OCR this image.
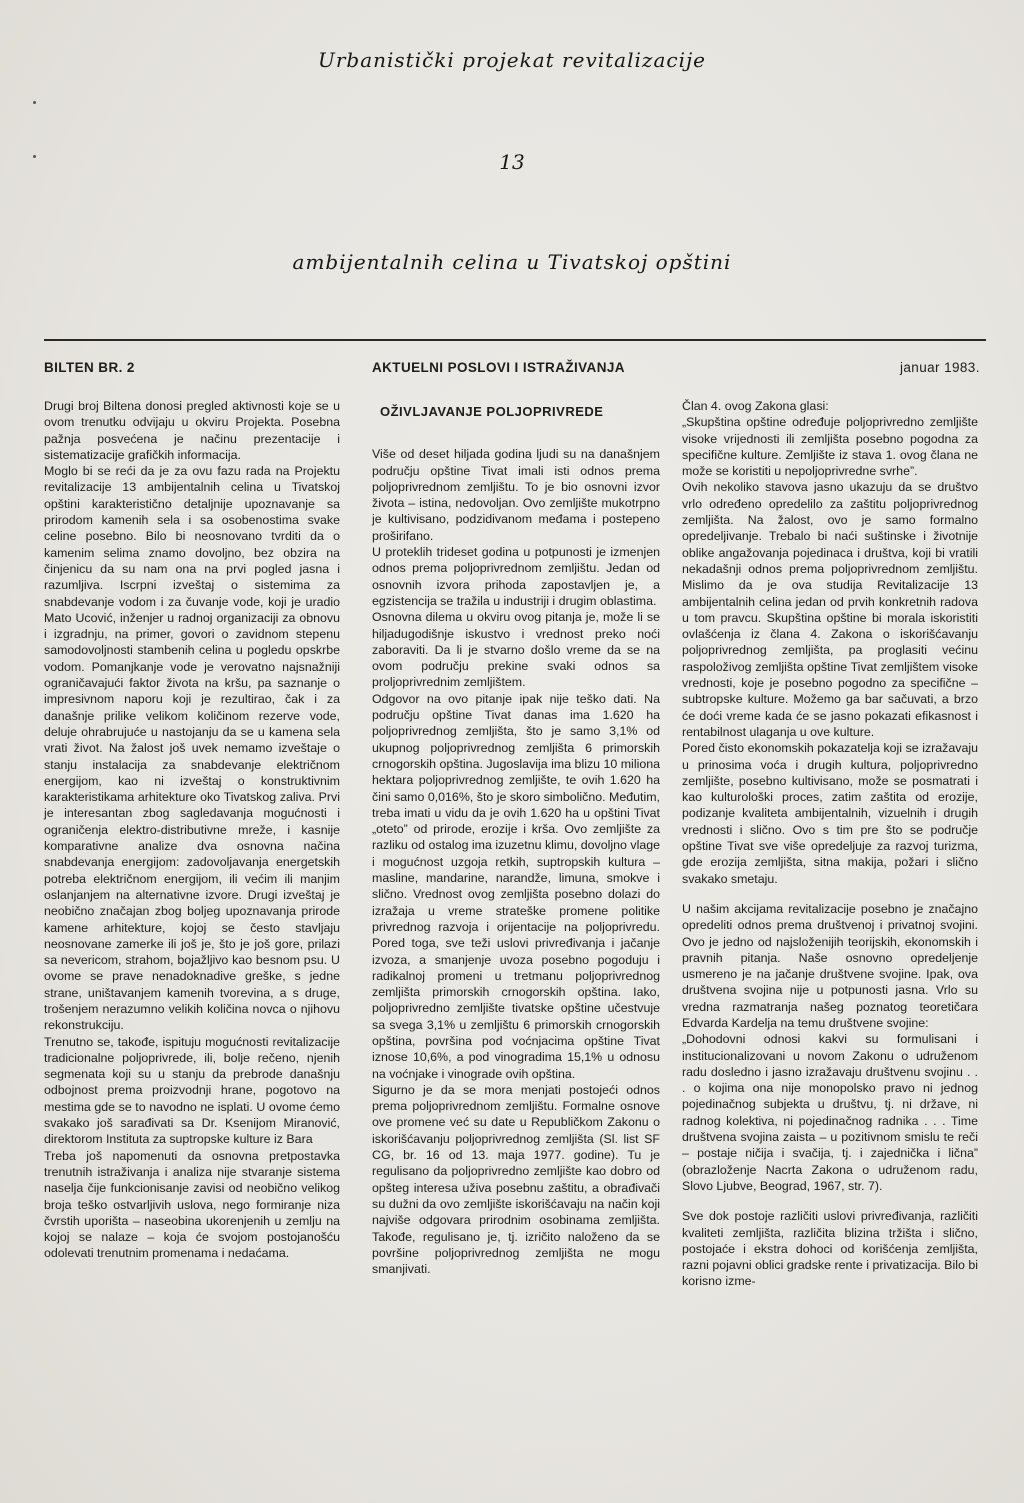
Urbanistički projekat revitalizacije
13
ambijentalnih celina u Tivatskoj opštini
BILTEN BR. 2	AKTUELNI POSLOVI I ISTRAŽIVANJA	januar 1983.

Drugi broj Biltena donosi pregled aktivnosti koje se u ovom trenutku odvijaju u okviru Projekta. Posebna pažnja posvećena je načinu prezentacije i sistematizacije grafičkih informacija.

Moglo bi se reći da je za ovu fazu rada na Projektu revitalizacije 13 ambijentalnih celina u Tivatskoj opštini karakteristično detaljnije upoznavanje sa prirodom kamenih sela i sa osobenostima svake celine posebno. Bilo bi neosnovano tvrditi da o kamenim selima znamo dovoljno, bez obzira na činjenicu da su nam ona na prvi pogled jasna i razumljiva. Iscrpni izveštaj o sistemima za snabdevanje vodom i za čuvanje vode, koji je uradio Mato Ucović, inženjer u radnoj organizaciji za obnovu i izgradnju, na primer, govori o zavidnom stepenu samodovoljnosti stambenih celina u pogledu opskrbe vodom. Pomanjkanje vode je verovatno najsnažniji ograničavajući faktor života na kršu, pa saznanje o impresivnom naporu koji je rezultirao, čak i za današnje prilike velikom količinom rezerve vode, deluje ohrabrujuće u nastojanju da se u kamena sela vrati život. Na žalost još uvek nemamo izveštaje o stanju instalacija za snabdevanje električnom energijom, kao ni izveštaj o konstruktivnim karakteristikama arhitekture oko Tivatskog zaliva. Prvi je interesantan zbog sagledavanja mogućnosti i ograničenja elektro-distributivne mreže, i kasnije komparativne analize dva osnovna načina snabdevanja energijom: zadovoljavanja energetskih potreba električnom energijom, ili većim ili manjim oslanjanjem na alternativne izvore. Drugi izveštaj je neobično značajan zbog boljeg upoznavanja prirode kamene arhitekture, kojoj se često stavljaju neosnovane zamerke ili još je, što je još gore, prilazi sa nevericom, strahom, bojažljivo kao besnom psu. U ovome se prave nenadoknadive greške, s jedne strane, uništavanjem kamenih tvorevina, a s druge, trošenjem nerazumno velikih količina novca o njihovu rekonstrukciju.

Trenutno se, takođe, ispituju mogućnosti revitalizacije tradicionalne poljoprivrede, ili, bolje rečeno, njenih segmenata koji su u stanju da prebrode današnju odbojnost prema proizvodnji hrane, pogotovo na mestima gde se to navodno ne isplati. U ovome ćemo svakako još sarađivati sa Dr. Ksenijom Miranović, direktorom Instituta za suptropske kulture iz Bara

Treba još napomenuti da osnovna pretpostavka trenutnih istraživanja i analiza nije stvaranje sistema naselja čije funkcionisanje zavisi od neobično velikog broja teško ostvarljivih uslova, nego formiranje niza čvrstih uporišta – naseobina ukorenjenih u zemlju na kojoj se nalaze – koja će svojom postojanošću odolevati trenutnim promenama i nedaćama.

OŽIVLJAVANJE POLJOPRIVREDE

Više od deset hiljada godina ljudi su na današnjem području opštine Tivat imali isti odnos prema poljoprivrednom zemljištu. To je bio osnovni izvor života – istina, nedovoljan. Ovo zemljište mukotrpno je kultivisano, podzidivanom međama i postepeno proširifano.

U proteklih trideset godina u potpunosti je izmenjen odnos prema poljoprivrednom zemljištu. Jedan od osnovnih izvora prihoda zapostavljen je, a egzistencija se tražila u industriji i drugim oblastima.

Osnovna dilema u okviru ovog pitanja je, može li se hiljadugodišnje iskustvo i vrednost preko noći zaboraviti. Da li je stvarno došlo vreme da se na ovom području prekine svaki odnos sa proljoprivrednim zemljištem.

Odgovor na ovo pitanje ipak nije teško dati. Na području opštine Tivat danas ima 1.620 ha poljoprivrednog zemljišta, što je samo 3,1% od ukupnog poljoprivrednog zemljišta 6 primorskih crnogorskih opština. Jugoslavija ima blizu 10 miliona hektara poljoprivrednog zemljište, te ovih 1.620 ha čini samo 0,016%, što je skoro simbolično. Međutim, treba imati u vidu da je ovih 1.620 ha u opštini Tivat „oteto” od prirode, erozije i krša. Ovo zemljište za razliku od ostalog ima izuzetnu klimu, dovoljno vlage i mogućnost uzgoja retkih, suptropskih kultura – masline, mandarine, narandže, limuna, smokve i slično. Vrednost ovog zemljišta posebno dolazi do izražaja u vreme strateške promene politike privrednog razvoja i orijentacije na poljoprivredu. Pored toga, sve teži uslovi privređivanja i jačanje izvoza, a smanjenje uvoza posebno pogoduju i radikalnoj promeni u tretmanu poljoprivrednog zemljišta primorskih crnogorskih opština. Iako, poljoprivredno zemljište tivatske opštine učestvuje sa svega 3,1% u zemljištu 6 primorskih crnogorskih opština, površina pod voćnjacima opštine Tivat iznose 10,6%, a pod vinogradima 15,1% u odnosu na voćnjake i vinograde ovih opština.

Sigurno je da se mora menjati postojeći odnos prema poljoprivrednom zemljištu. Formalne osnove ove promene već su date u Republičkom Zakonu o iskorišćavanju poljoprivrednog zemljišta (Sl. list SF CG, br. 16 od 13. maja 1977. godine). Tu je regulisano da poljoprivredno zemljište kao dobro od opšteg interesa uživa posebnu zaštitu, a obrađivači su dužni da ovo zemljište iskorišćavaju na način koji najviše odgovara prirodnim osobinama zemljišta. Takođe, regulisano je, tj. izričito naloženo da se površine poljoprivrednog zemljišta ne mogu smanjivati.

Član 4. ovog Zakona glasi:

„Skupština opštine određuje poljoprivredno zemljište visoke vrijednosti ili zemljišta posebno pogodna za specifične kulture. Zemljište iz stava 1. ovog člana ne može se koristiti u nepoljoprivredne svrhe”.

Ovih nekoliko stavova jasno ukazuju da se društvo vrlo određeno opredelilo za zaštitu poljoprivrednog zemljišta. Na žalost, ovo je samo formalno opredeljivanje. Trebalo bi naći suštinske i životnije oblike angažovanja pojedinaca i društva, koji bi vratili nekadašnji odnos prema poljoprivrednom zemljištu. Mislimo da je ova studija Revitalizacije 13 ambijentalnih celina jedan od prvih konkretnih radova u tom pravcu. Skupština opštine bi morala iskoristiti ovlašćenja iz člana 4. Zakona o iskorišćavanju poljoprivrednog zemljišta, pa proglasiti većinu raspoloživog zemljišta opštine Tivat zemljištem visoke vrednosti, koje je posebno pogodno za specifične – subtropske kulture. Možemo ga bar sačuvati, a brzo će doći vreme kada će se jasno pokazati efikasnost i rentabilnost ulaganja u ove kulture.

Pored čisto ekonomskih pokazatelja koji se izražavaju u prinosima voća i drugih kultura, poljoprivredno zemljište, posebno kultivisano, može se posmatrati i kao kulturološki proces, zatim zaštita od erozije, podizanje kvaliteta ambijentalnih, vizuelnih i drugih vrednosti i slično. Ovo s tim pre što se područje opštine Tivat sve više opredeljuje za razvoj turizma, gde erozija zemljišta, sitna makija, požari i slično svakako smetaju.

U našim akcijama revitalizacije posebno je značajno opredeliti odnos prema društvenoj i privatnoj svojini. Ovo je jedno od najsloženijih teorijskih, ekonomskih i pravnih pitanja. Naše osnovno opredeljenje usmereno je na jačanje društvene svojine. Ipak, ova društvena svojina nije u potpunosti jasna. Vrlo su vredna razmatranja našeg poznatog teoretičara Edvarda Kardelja na temu društvene svojine:

„Dohodovni odnosi kakvi su formulisani i institucionalizovani u novom Zakonu o udruženom radu dosledno i jasno izražavaju društvenu svojinu . . . o kojima ona nije monopolsko pravo ni jednog pojedinačnog subjekta u društvu, tj. ni države, ni radnog kolektiva, ni pojedinačnog radnika . . . Time društvena svojina zaista – u pozitivnom smislu te reči – postaje ničija i svačija, tj. i zajednička i lična” (obrazloženje Nacrta Zakona o udruženom radu, Slovo Ljubve, Beograd, 1967, str. 7).

Sve dok postoje različiti uslovi privređivanja, različiti kvaliteti zemljišta, različita blizina tržišta i slično, postojaće i ekstra dohoci od korišćenja zemljišta, razni pojavni oblici gradske rente i privatizacija. Bilo bi korisno izme-
